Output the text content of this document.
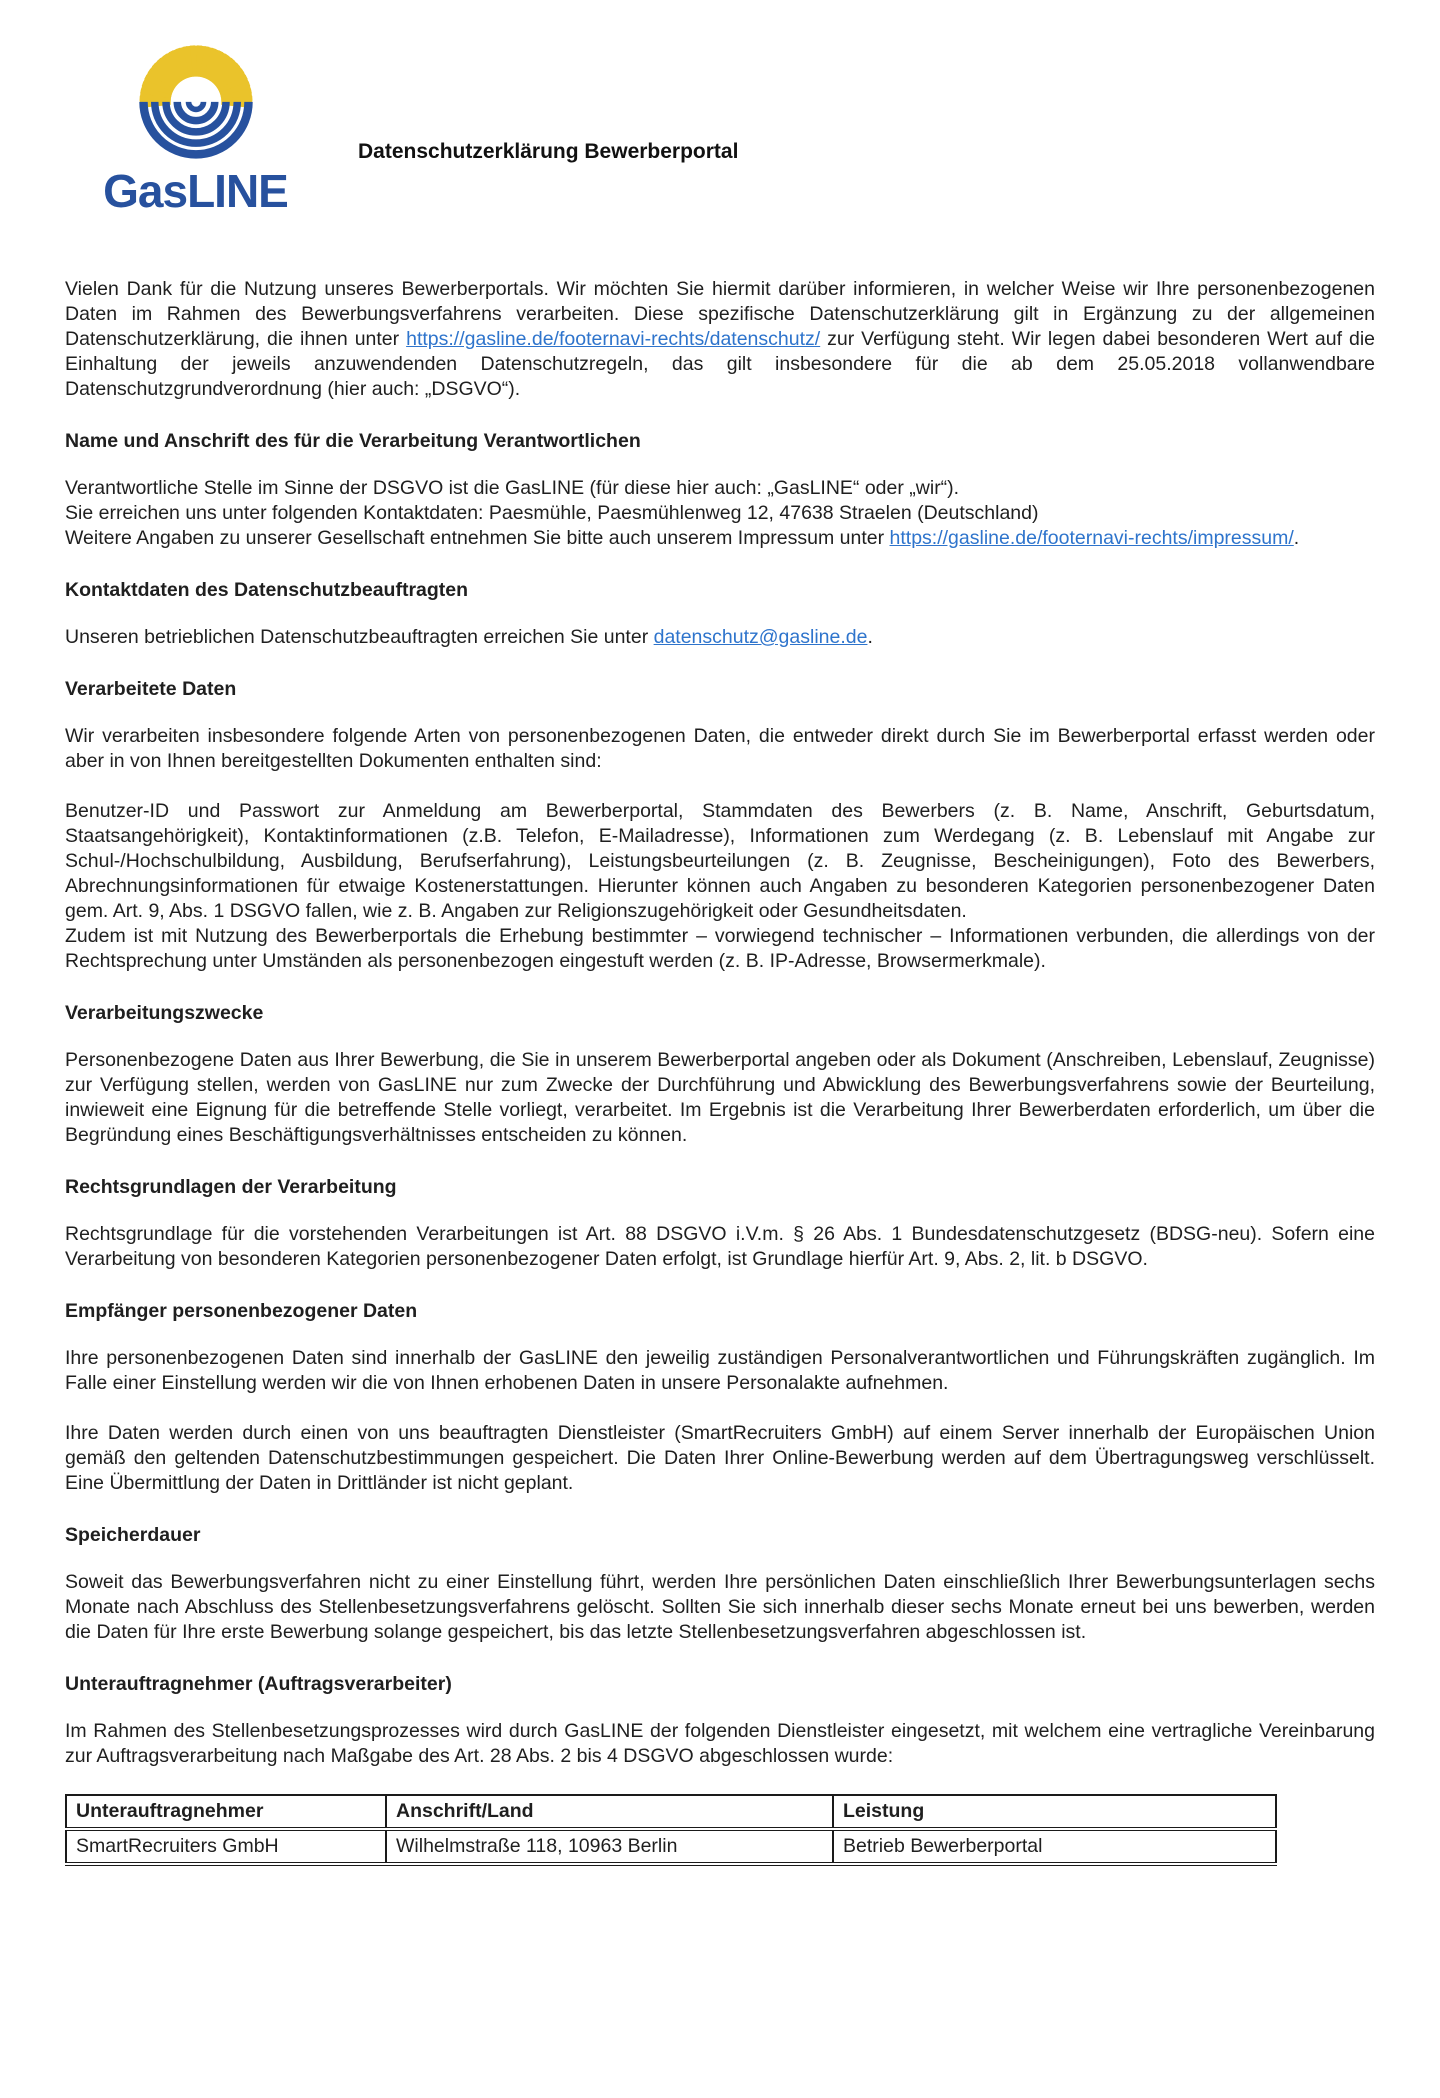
GasLINE
Datenschutzerklärung Bewerberportal

Vielen Dank für die Nutzung unseres Bewerberportals. Wir möchten Sie hiermit darüber informieren, in welcher Weise wir Ihre personenbezogenen Daten im Rahmen des Bewerbungsverfahrens verarbeiten. Diese spezifische Datenschutzerklärung gilt in Ergänzung zu der allgemeinen Datenschutzerklärung, die ihnen unter https://gasline.de/footernavi-rechts/datenschutz/ zur Verfügung steht. Wir legen dabei besonderen Wert auf die Einhaltung der jeweils anzuwendenden Datenschutzregeln, das gilt insbesondere für die ab dem 25.05.2018 vollanwendbare Datenschutzgrundverordnung (hier auch: „DSGVO“).

Name und Anschrift des für die Verarbeitung Verantwortlichen

Verantwortliche Stelle im Sinne der DSGVO ist die GasLINE (für diese hier auch: „GasLINE“ oder „wir“).
Sie erreichen uns unter folgenden Kontaktdaten: Paesmühle, Paesmühlenweg 12, 47638 Straelen (Deutschland)
Weitere Angaben zu unserer Gesellschaft entnehmen Sie bitte auch unserem Impressum unter https://gasline.de/footernavi-rechts/impressum/.

Kontaktdaten des Datenschutzbeauftragten

Unseren betrieblichen Datenschutzbeauftragten erreichen Sie unter datenschutz@gasline.de.

Verarbeitete Daten

Wir verarbeiten insbesondere folgende Arten von personenbezogenen Daten, die entweder direkt durch Sie im Bewerberportal erfasst werden oder aber in von Ihnen bereitgestellten Dokumenten enthalten sind:

Benutzer-ID und Passwort zur Anmeldung am Bewerberportal, Stammdaten des Bewerbers (z. B. Name, Anschrift, Geburtsdatum, Staatsangehörigkeit), Kontaktinformationen (z.B. Telefon, E-Mailadresse), Informationen zum Werdegang (z. B. Lebenslauf mit Angabe zur Schul-/Hochschulbildung, Ausbildung, Berufserfahrung), Leistungsbeurteilungen (z. B. Zeugnisse, Bescheinigungen), Foto des Bewerbers, Abrechnungsinformationen für etwaige Kostenerstattungen. Hierunter können auch Angaben zu besonderen Kategorien personenbezogener Daten gem. Art. 9, Abs. 1 DSGVO fallen, wie z. B. Angaben zur Religionszugehörigkeit oder Gesundheitsdaten.
Zudem ist mit Nutzung des Bewerberportals die Erhebung bestimmter – vorwiegend technischer – Informationen verbunden, die allerdings von der Rechtsprechung unter Umständen als personenbezogen eingestuft werden (z. B. IP-Adresse, Browsermerkmale).

Verarbeitungszwecke

Personenbezogene Daten aus Ihrer Bewerbung, die Sie in unserem Bewerberportal angeben oder als Dokument (Anschreiben, Lebenslauf, Zeugnisse) zur Verfügung stellen, werden von GasLINE nur zum Zwecke der Durchführung und Abwicklung des Bewerbungsverfahrens sowie der Beurteilung, inwieweit eine Eignung für die betreffende Stelle vorliegt, verarbeitet. Im Ergebnis ist die Verarbeitung Ihrer Bewerberdaten erforderlich, um über die Begründung eines Beschäftigungsverhältnisses entscheiden zu können.

Rechtsgrundlagen der Verarbeitung

Rechtsgrundlage für die vorstehenden Verarbeitungen ist Art. 88 DSGVO i.V.m. § 26 Abs. 1 Bundesdatenschutzgesetz (BDSG-neu). Sofern eine Verarbeitung von besonderen Kategorien personenbezogener Daten erfolgt, ist Grundlage hierfür Art. 9, Abs. 2, lit. b DSGVO.

Empfänger personenbezogener Daten

Ihre personenbezogenen Daten sind innerhalb der GasLINE den jeweilig zuständigen Personalverantwortlichen und Führungskräften zugänglich. Im Falle einer Einstellung werden wir die von Ihnen erhobenen Daten in unsere Personalakte aufnehmen.

Ihre Daten werden durch einen von uns beauftragten Dienstleister (SmartRecruiters GmbH) auf einem Server innerhalb der Europäischen Union gemäß den geltenden Datenschutzbestimmungen gespeichert. Die Daten Ihrer Online-Bewerbung werden auf dem Übertragungsweg verschlüsselt. Eine Übermittlung der Daten in Drittländer ist nicht geplant.

Speicherdauer

Soweit das Bewerbungsverfahren nicht zu einer Einstellung führt, werden Ihre persönlichen Daten einschließlich Ihrer Bewerbungsunterlagen sechs Monate nach Abschluss des Stellenbesetzungsverfahrens gelöscht. Sollten Sie sich innerhalb dieser sechs Monate erneut bei uns bewerben, werden die Daten für Ihre erste Bewerbung solange gespeichert, bis das letzte Stellenbesetzungsverfahren abgeschlossen ist.

Unterauftragnehmer (Auftragsverarbeiter)

Im Rahmen des Stellenbesetzungsprozesses wird durch GasLINE der folgenden Dienstleister eingesetzt, mit welchem eine vertragliche Vereinbarung zur Auftragsverarbeitung nach Maßgabe des Art. 28 Abs. 2 bis 4 DSGVO abgeschlossen wurde:

Unterauftragnehmer	Anschrift/Land	Leistung
SmartRecruiters GmbH	Wilhelmstraße 118, 10963 Berlin	Betrieb Bewerberportal
